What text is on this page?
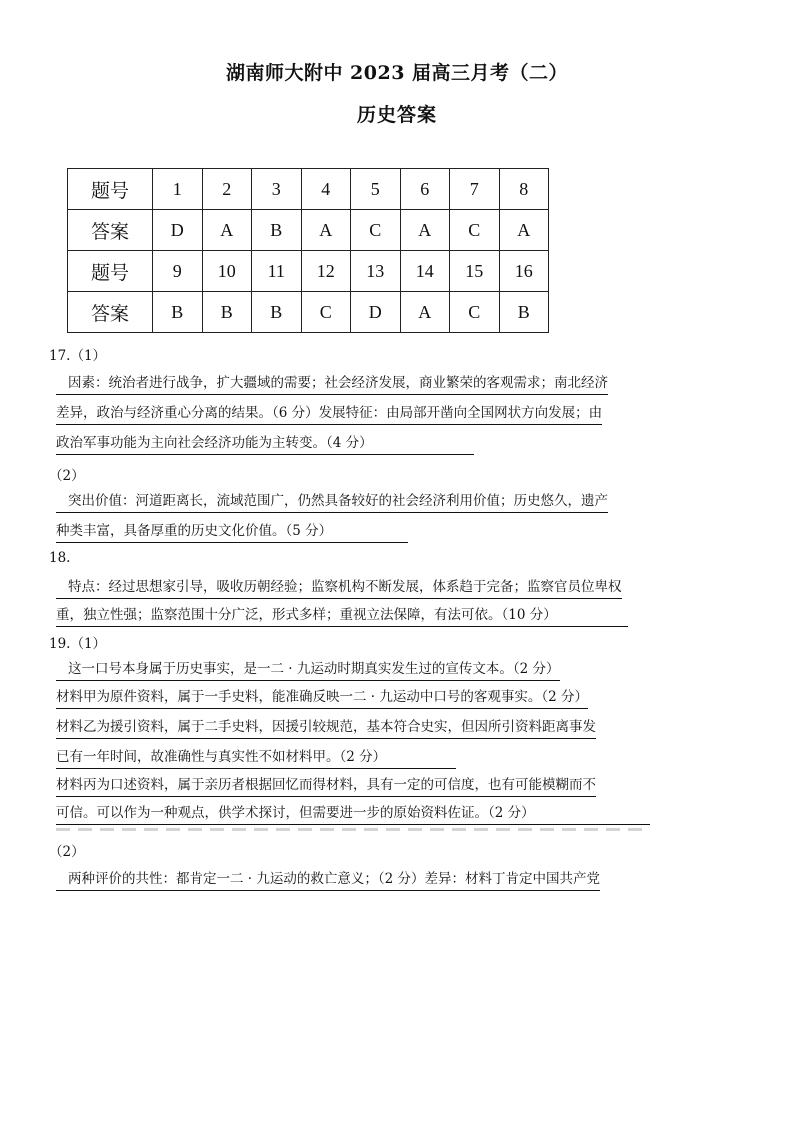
湖南师大附中 2023 届高三月考（二）
历史答案
题号	1	2	3	4	5	6	7	8
答案	D	A	B	A	C	A	C	A
题号	9	10	11	12	13	14	15	16
答案	B	B	B	C	D	A	C	B
17.（1）
因素：统治者进行战争，扩大疆域的需要；社会经济发展，商业繁荣的客观需求；南北经济
差异，政治与经济重心分离的结果。（6 分）发展特征：由局部开凿向全国网状方向发展；由
政治军事功能为主向社会经济功能为主转变。（4 分）
（2）
突出价值：河道距离长，流域范围广，仍然具备较好的社会经济利用价值；历史悠久，遗产
种类丰富，具备厚重的历史文化价值。（5 分）
18.
特点：经过思想家引导，吸收历朝经验；监察机构不断发展，体系趋于完备；监察官员位卑权
重，独立性强；监察范围十分广泛，形式多样；重视立法保障，有法可依。（10 分）
19.（1）
这一口号本身属于历史事实，是一二 · 九运动时期真实发生过的宣传文本。（2 分）
材料甲为原件资料，属于一手史料，能准确反映一二 · 九运动中口号的客观事实。（2 分）
材料乙为援引资料，属于二手史料，因援引较规范，基本符合史实，但因所引资料距离事发
已有一年时间，故准确性与真实性不如材料甲。（2 分）
材料丙为口述资料，属于亲历者根据回忆而得材料，具有一定的可信度，也有可能模糊而不
可信。可以作为一种观点，供学术探讨，但需要进一步的原始资料佐证。（2 分）
（2）
两种评价的共性：都肯定一二 · 九运动的救亡意义；（2 分）差异：材料丁肯定中国共产党
